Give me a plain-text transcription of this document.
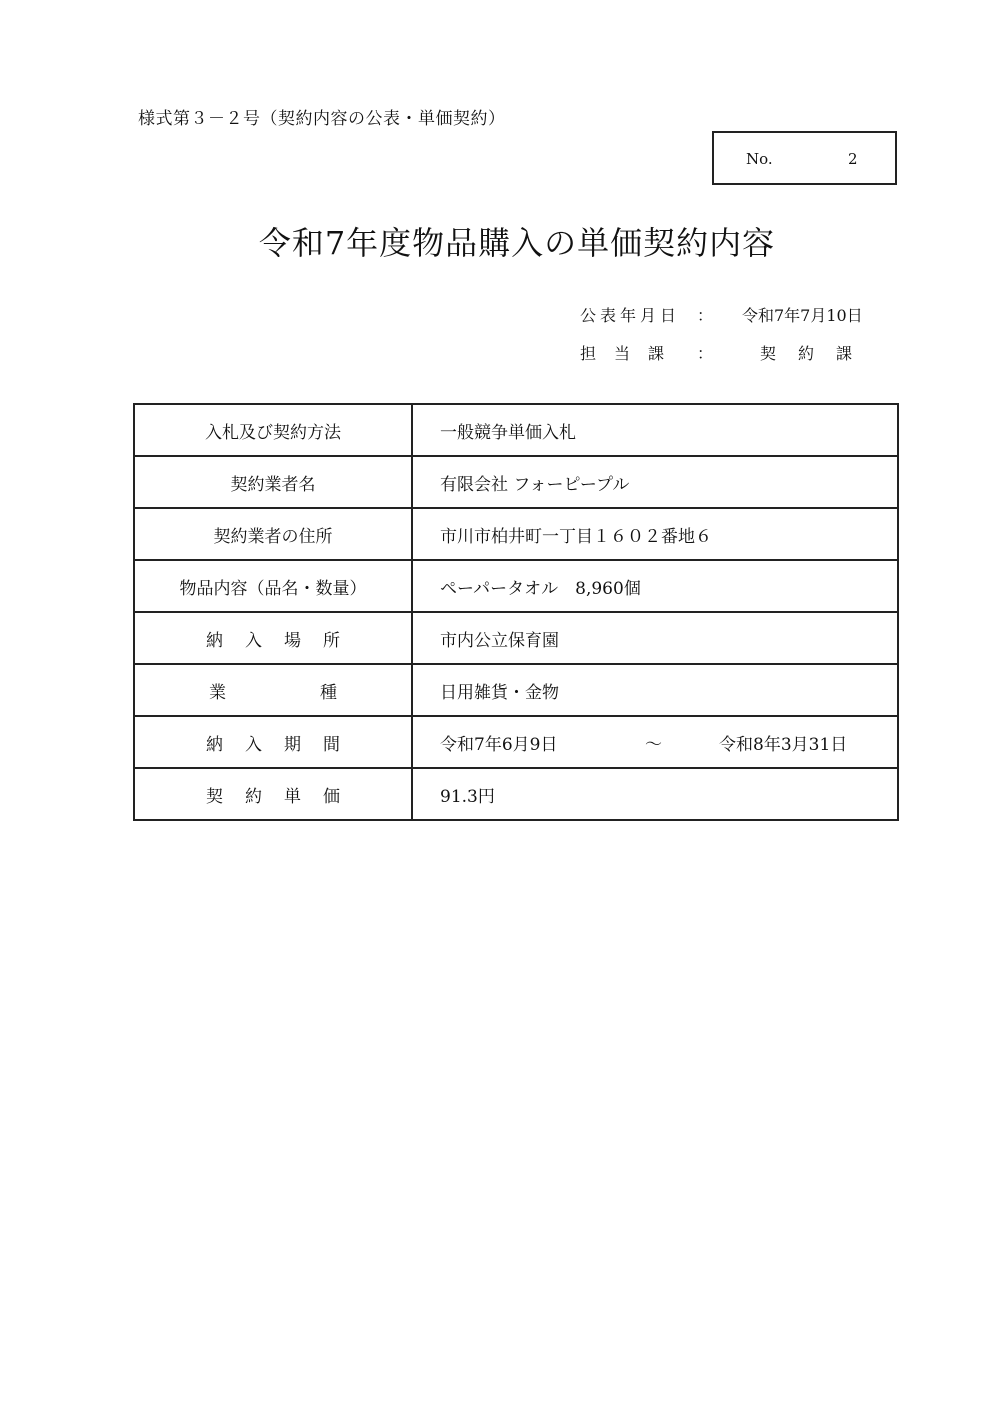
様式第３－２号（契約内容の公表・単価契約）
No.	2
令和7年度物品購入の単価契約内容
公表年月日 ： 令和7年7月10日
担当課 ：	契約課
入札及び契約方法	一般競争単価入札
契約業者名	有限会社 フォーピープル
契約業者の住所	市川市柏井町一丁目１６０２番地６
物品内容（品名・数量）	ペーパータオル　8,960個
納入場所	市内公立保育園
業種	日用雑貨・金物
納入期間	令和7年6月9日 ～ 令和8年3月31日
契約単価	91.3円
